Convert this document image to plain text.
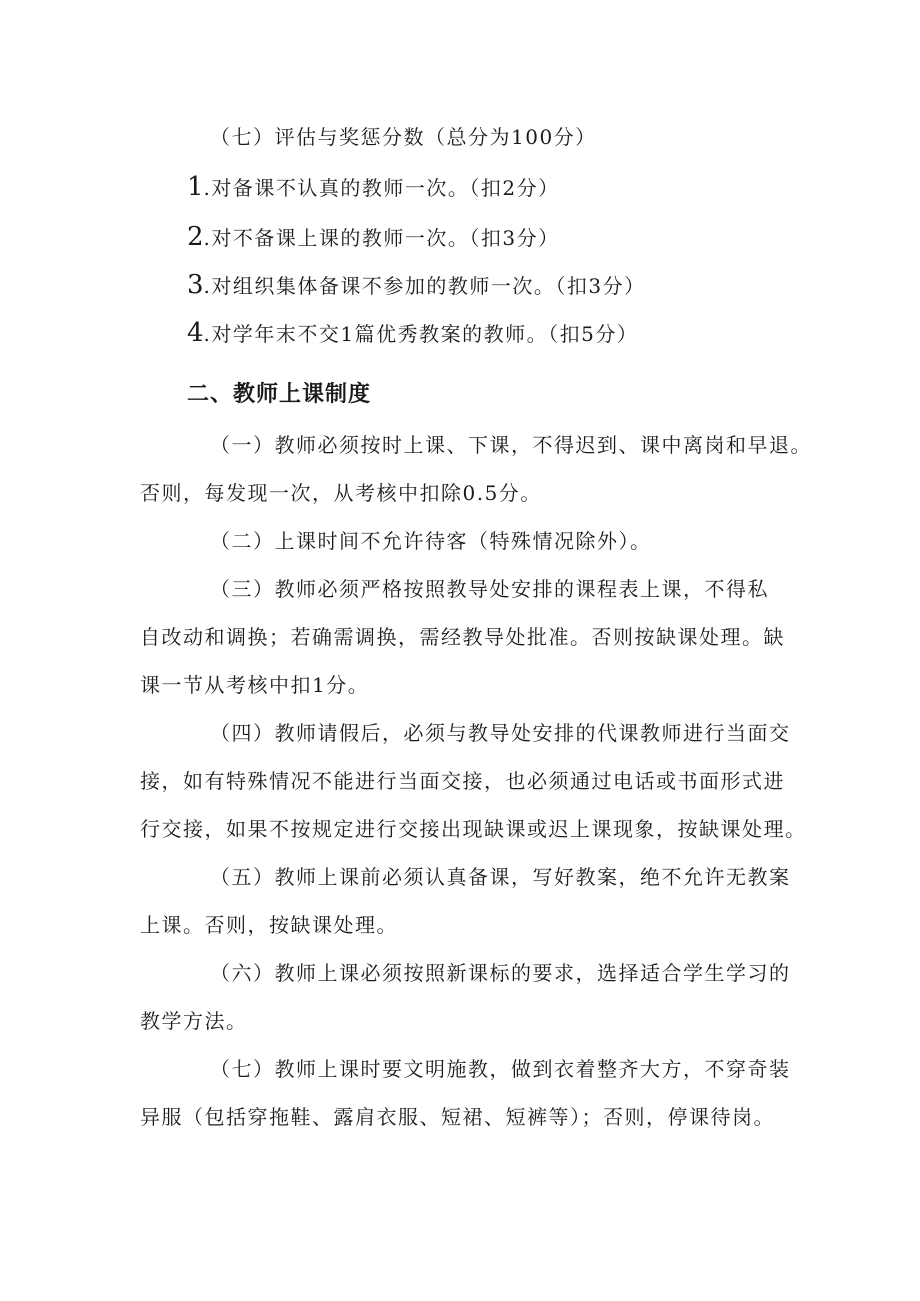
（七）评估与奖惩分数（总分为100分）
1.对备课不认真的教师一次。（扣2分）
2.对不备课上课的教师一次。（扣3分）
3.对组织集体备课不参加的教师一次。（扣3分）
4.对学年末不交1篇优秀教案的教师。（扣5分）
二、教师上课制度
（一）教师必须按时上课、下课，不得迟到、课中离岗和早退。
否则，每发现一次，从考核中扣除0.5分。
（二）上课时间不允许待客（特殊情况除外）。
（三）教师必须严格按照教导处安排的课程表上课，不得私
自改动和调换；若确需调换，需经教导处批准。否则按缺课处理。缺
课一节从考核中扣1分。
（四）教师请假后，必须与教导处安排的代课教师进行当面交
接，如有特殊情况不能进行当面交接，也必须通过电话或书面形式进
行交接，如果不按规定进行交接出现缺课或迟上课现象，按缺课处理。
（五）教师上课前必须认真备课，写好教案，绝不允许无教案
上课。否则，按缺课处理。
（六）教师上课必须按照新课标的要求，选择适合学生学习的
教学方法。
（七）教师上课时要文明施教，做到衣着整齐大方，不穿奇装
异服（包括穿拖鞋、露肩衣服、短裙、短裤等）；否则，停课待岗。
